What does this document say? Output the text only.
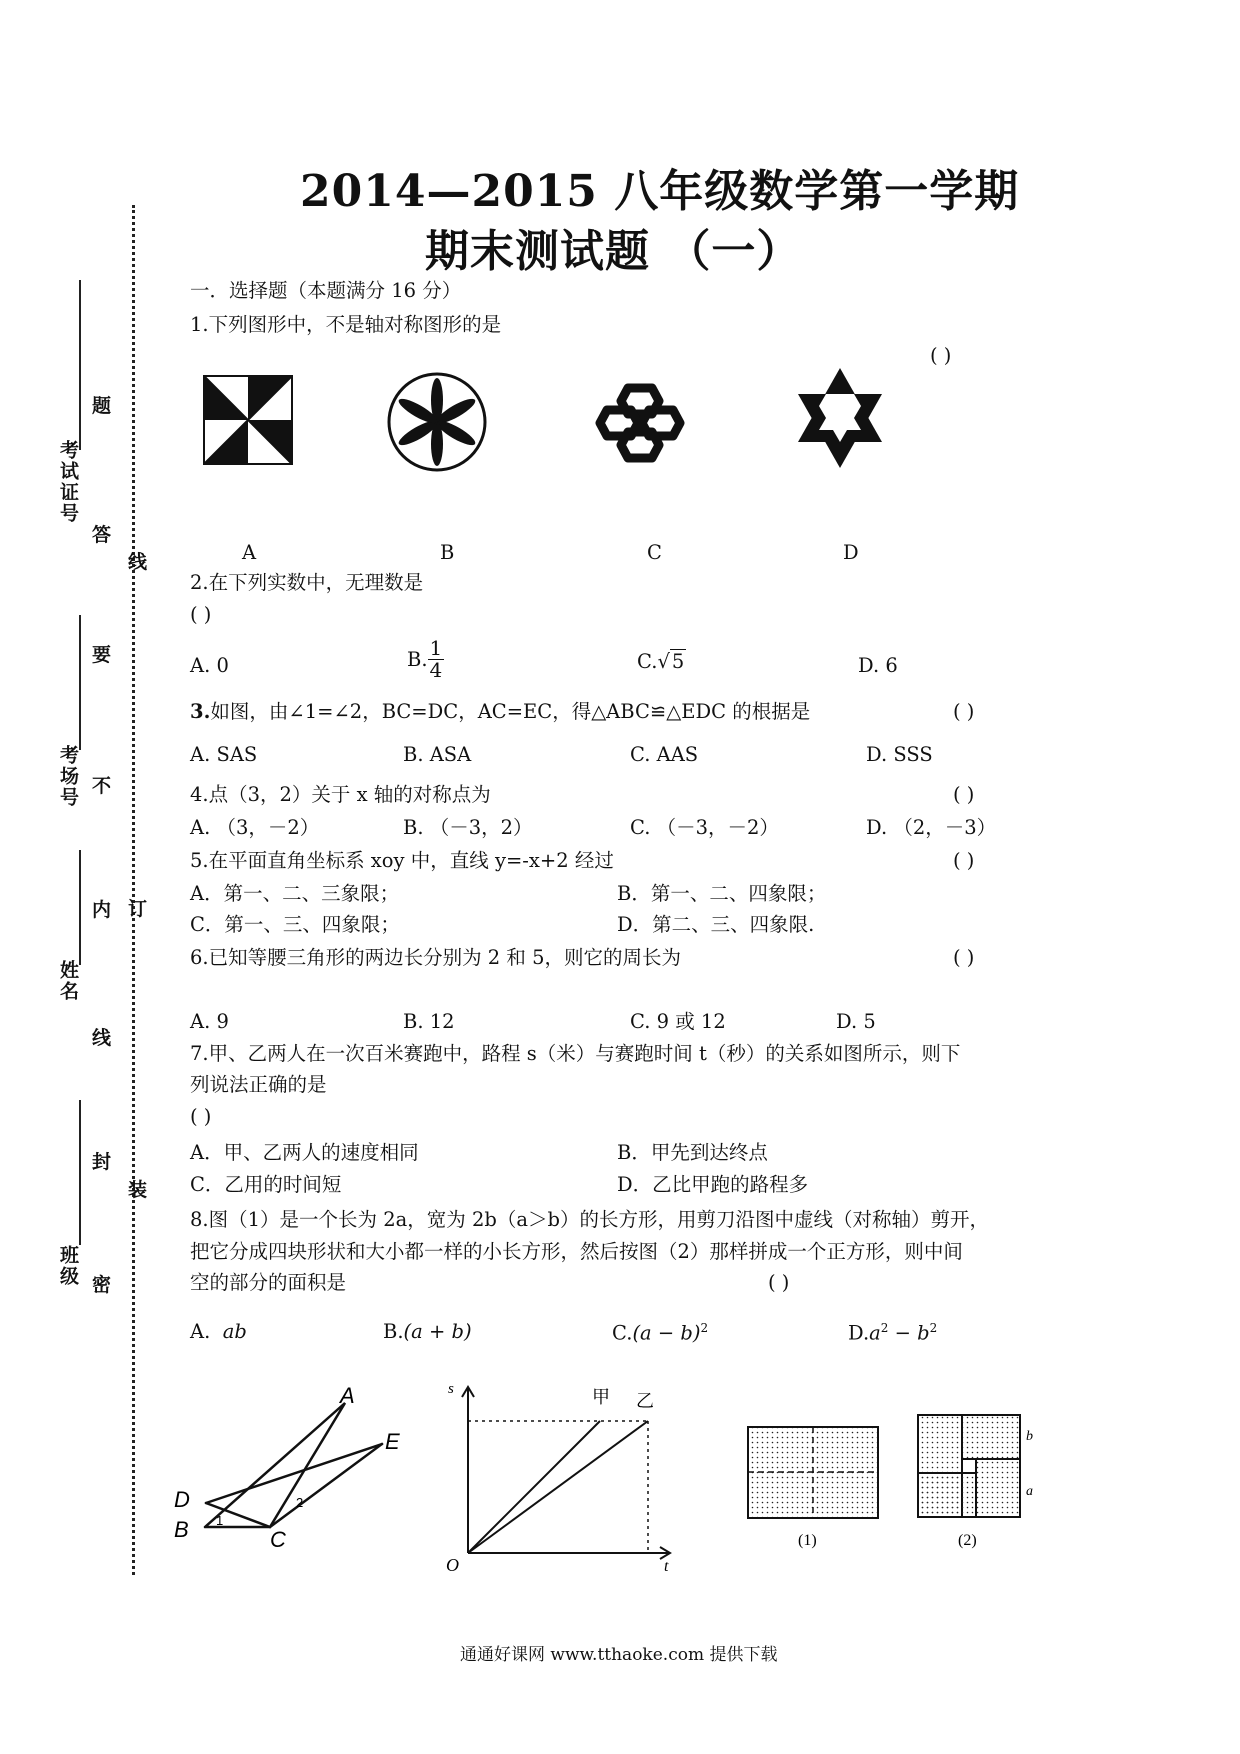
2014—2015 八年级数学第一学期
期末测试题 （一）
考试证号
考场号
姓名
班级
题
答
要
不
内
线
封
密
线
订
装
一．选择题（本题满分 16 分）
1.下列图形中，不是轴对称图形的是
( )
A	B	C	D
2.在下列实数中，无理数是
( )
A. 0	B. $\frac{1}{4}$	C.√ 5	D. 6
3.如图，由∠1=∠2，BC=DC，AC=EC，得△ABC≌△EDC 的根据是	( )
A. SAS	B. ASA	C. AAS	D. SSS
4.点（3，2）关于 x 轴的对称点为	( )
A. （3，－2）	B. （－3，2）	C. （－3，－2）	D. （2，－3）
5.在平面直角坐标系 xoy 中，直线 y=-x+2 经过	( )
A．第一、二、三象限；	B．第一、二、四象限；
C．第一、三、四象限；	D．第二、三、四象限.
6.已知等腰三角形的两边长分别为 2 和 5，则它的周长为	( )
A. 9	B. 12	C. 9 或 12	D. 5
7.甲、乙两人在一次百米赛跑中，路程 s（米）与赛跑时间 t（秒）的关系如图所示，则下
列说法正确的是
( )
A．甲、乙两人的速度相同	B．甲先到达终点
C．乙用的时间短	D．乙比甲跑的路程多
8.图（1）是一个长为 2a，宽为 2b（a＞b）的长方形，用剪刀沿图中虚线（对称轴）剪开，
把它分成四块形状和大小都一样的小长方形，然后按图（2）那样拼成一个正方形，则中间
空的部分的面积是	( )
A. ab	B.(a + b)	$C.(a - b)^2$	$D.a^2 - b^2$
A
E
D
B	C
1
2
s
t
O
甲 乙
(1)	(2)
b
a
通通好课网 www.tthaoke.com 提供下载
